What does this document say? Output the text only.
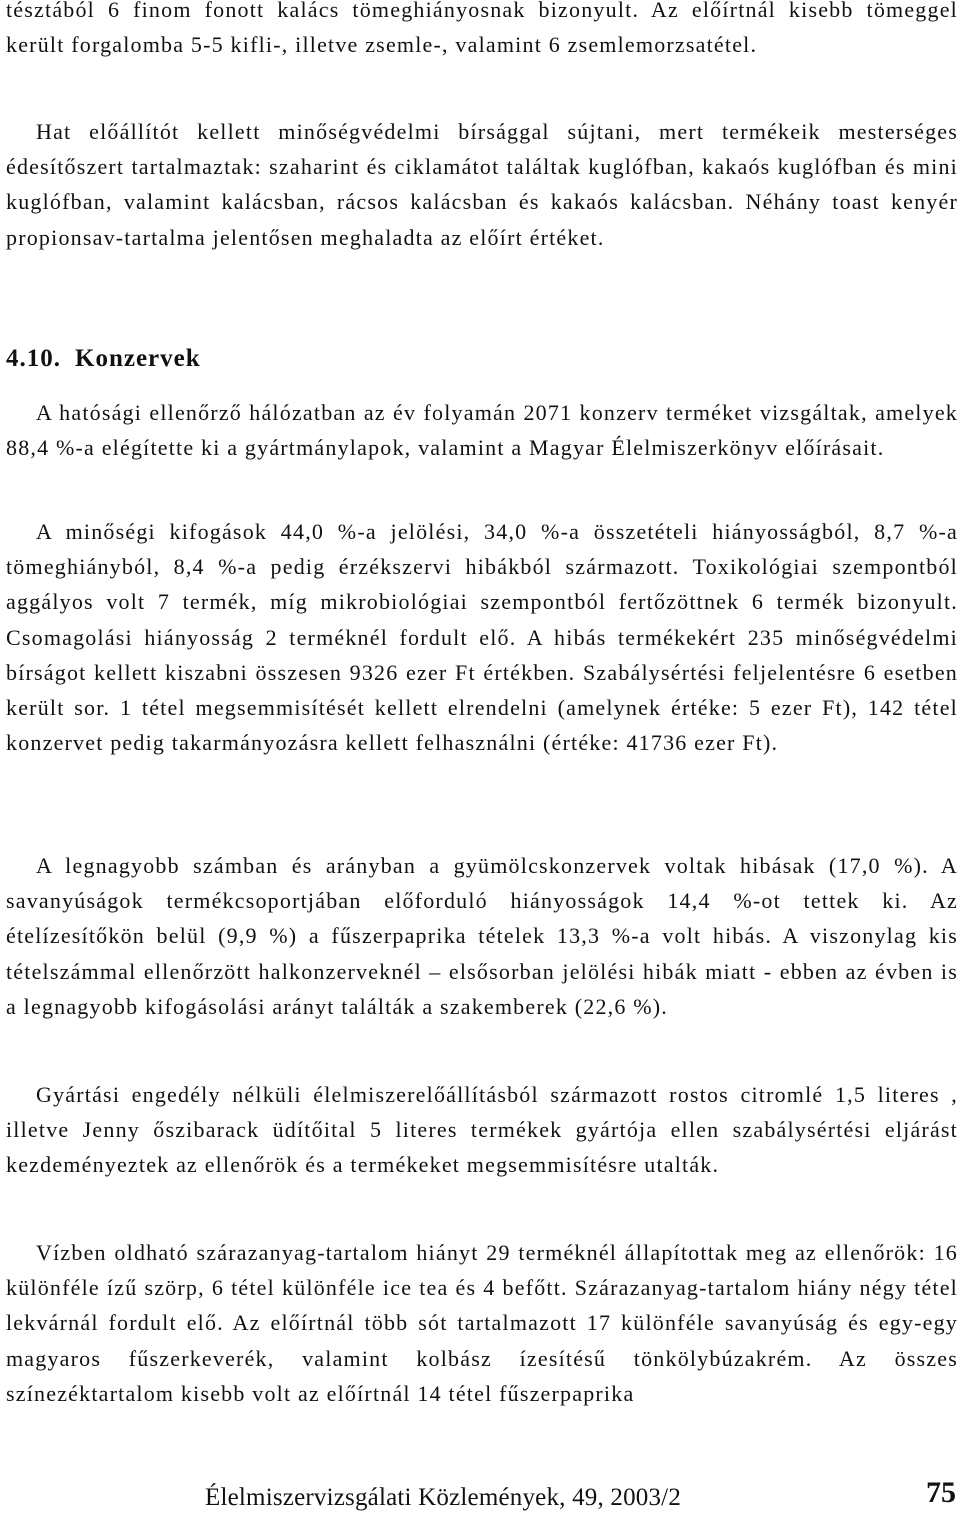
tésztából 6 finom fonott kalács tömeghiányosnak bizonyult. Az előírtnál kisebb tömeggel került forgalomba 5-5 kifli-, illetve zsemle-, valamint 6 zsemlemorzsatétel.

Hat előállítót kellett minőségvédelmi bírsággal sújtani, mert termékeik mesterséges édesítőszert tartalmaztak: szaharint és ciklamátot találtak kuglófban, kakaós kuglófban és mini kuglófban, valamint kalácsban, rácsos kalácsban és kakaós kalácsban. Néhány toast kenyér propionsav-tartalma jelentősen meghaladta az előírt értéket.

4.10. Konzervek

A hatósági ellenőrző hálózatban az év folyamán 2071 konzerv terméket vizsgáltak, amelyek 88,4 %-a elégítette ki a gyártmánylapok, valamint a Magyar Élelmiszerkönyv előírásait.

A minőségi kifogások 44,0 %-a jelölési, 34,0 %-a összetételi hiányosságból, 8,7 %-a tömeghiányból, 8,4 %-a pedig érzékszervi hibákból származott. Toxikológiai szempontból aggályos volt 7 termék, míg mikrobiológiai szempontból fertőzöttnek 6 termék bizonyult. Csomagolási hiányosság 2 terméknél fordult elő. A hibás termékekért 235 minőségvédelmi bírságot kellett kiszabni összesen 9326 ezer Ft értékben. Szabálysértési feljelentésre 6 esetben került sor. 1 tétel megsemmisítését kellett elrendelni (amelynek értéke: 5 ezer Ft), 142 tétel konzervet pedig takarmányozásra kellett felhasználni (értéke: 41736 ezer Ft).

A legnagyobb számban és arányban a gyümölcskonzervek voltak hibásak (17,0 %). A savanyúságok termékcsoportjában előforduló hiányosságok 14,4 %-ot tettek ki. Az ételízesítőkön belül (9,9 %) a fűszerpaprika tételek 13,3 %-a volt hibás. A viszonylag kis tételszámmal ellenőrzött halkonzerveknél – elsősorban jelölési hibák miatt - ebben az évben is a legnagyobb kifogásolási arányt találták a szakemberek (22,6 %).

Gyártási engedély nélküli élelmiszerelőállításból származott rostos citromlé 1,5 literes , illetve Jenny őszibarack üdítőital 5 literes termékek gyártója ellen szabálysértési eljárást kezdeményeztek az ellenőrök és a termékeket megsemmisítésre utalták.

Vízben oldható szárazanyag-tartalom hiányt 29 terméknél állapítottak meg az ellenőrök: 16 különféle ízű szörp, 6 tétel különféle ice tea és 4 befőtt. Szárazanyag-tartalom hiány négy tétel lekvárnál fordult elő. Az előírtnál több sót tartalmazott 17 különféle savanyúság és egy-egy magyaros fűszerkeverék, valamint kolbász ízesítésű tönkölybúzakrém. Az összes színezéktartalom kisebb volt az előírtnál 14 tétel fűszerpaprika

Élelmiszervizsgálati Közlemények, 49, 2003/2	75
